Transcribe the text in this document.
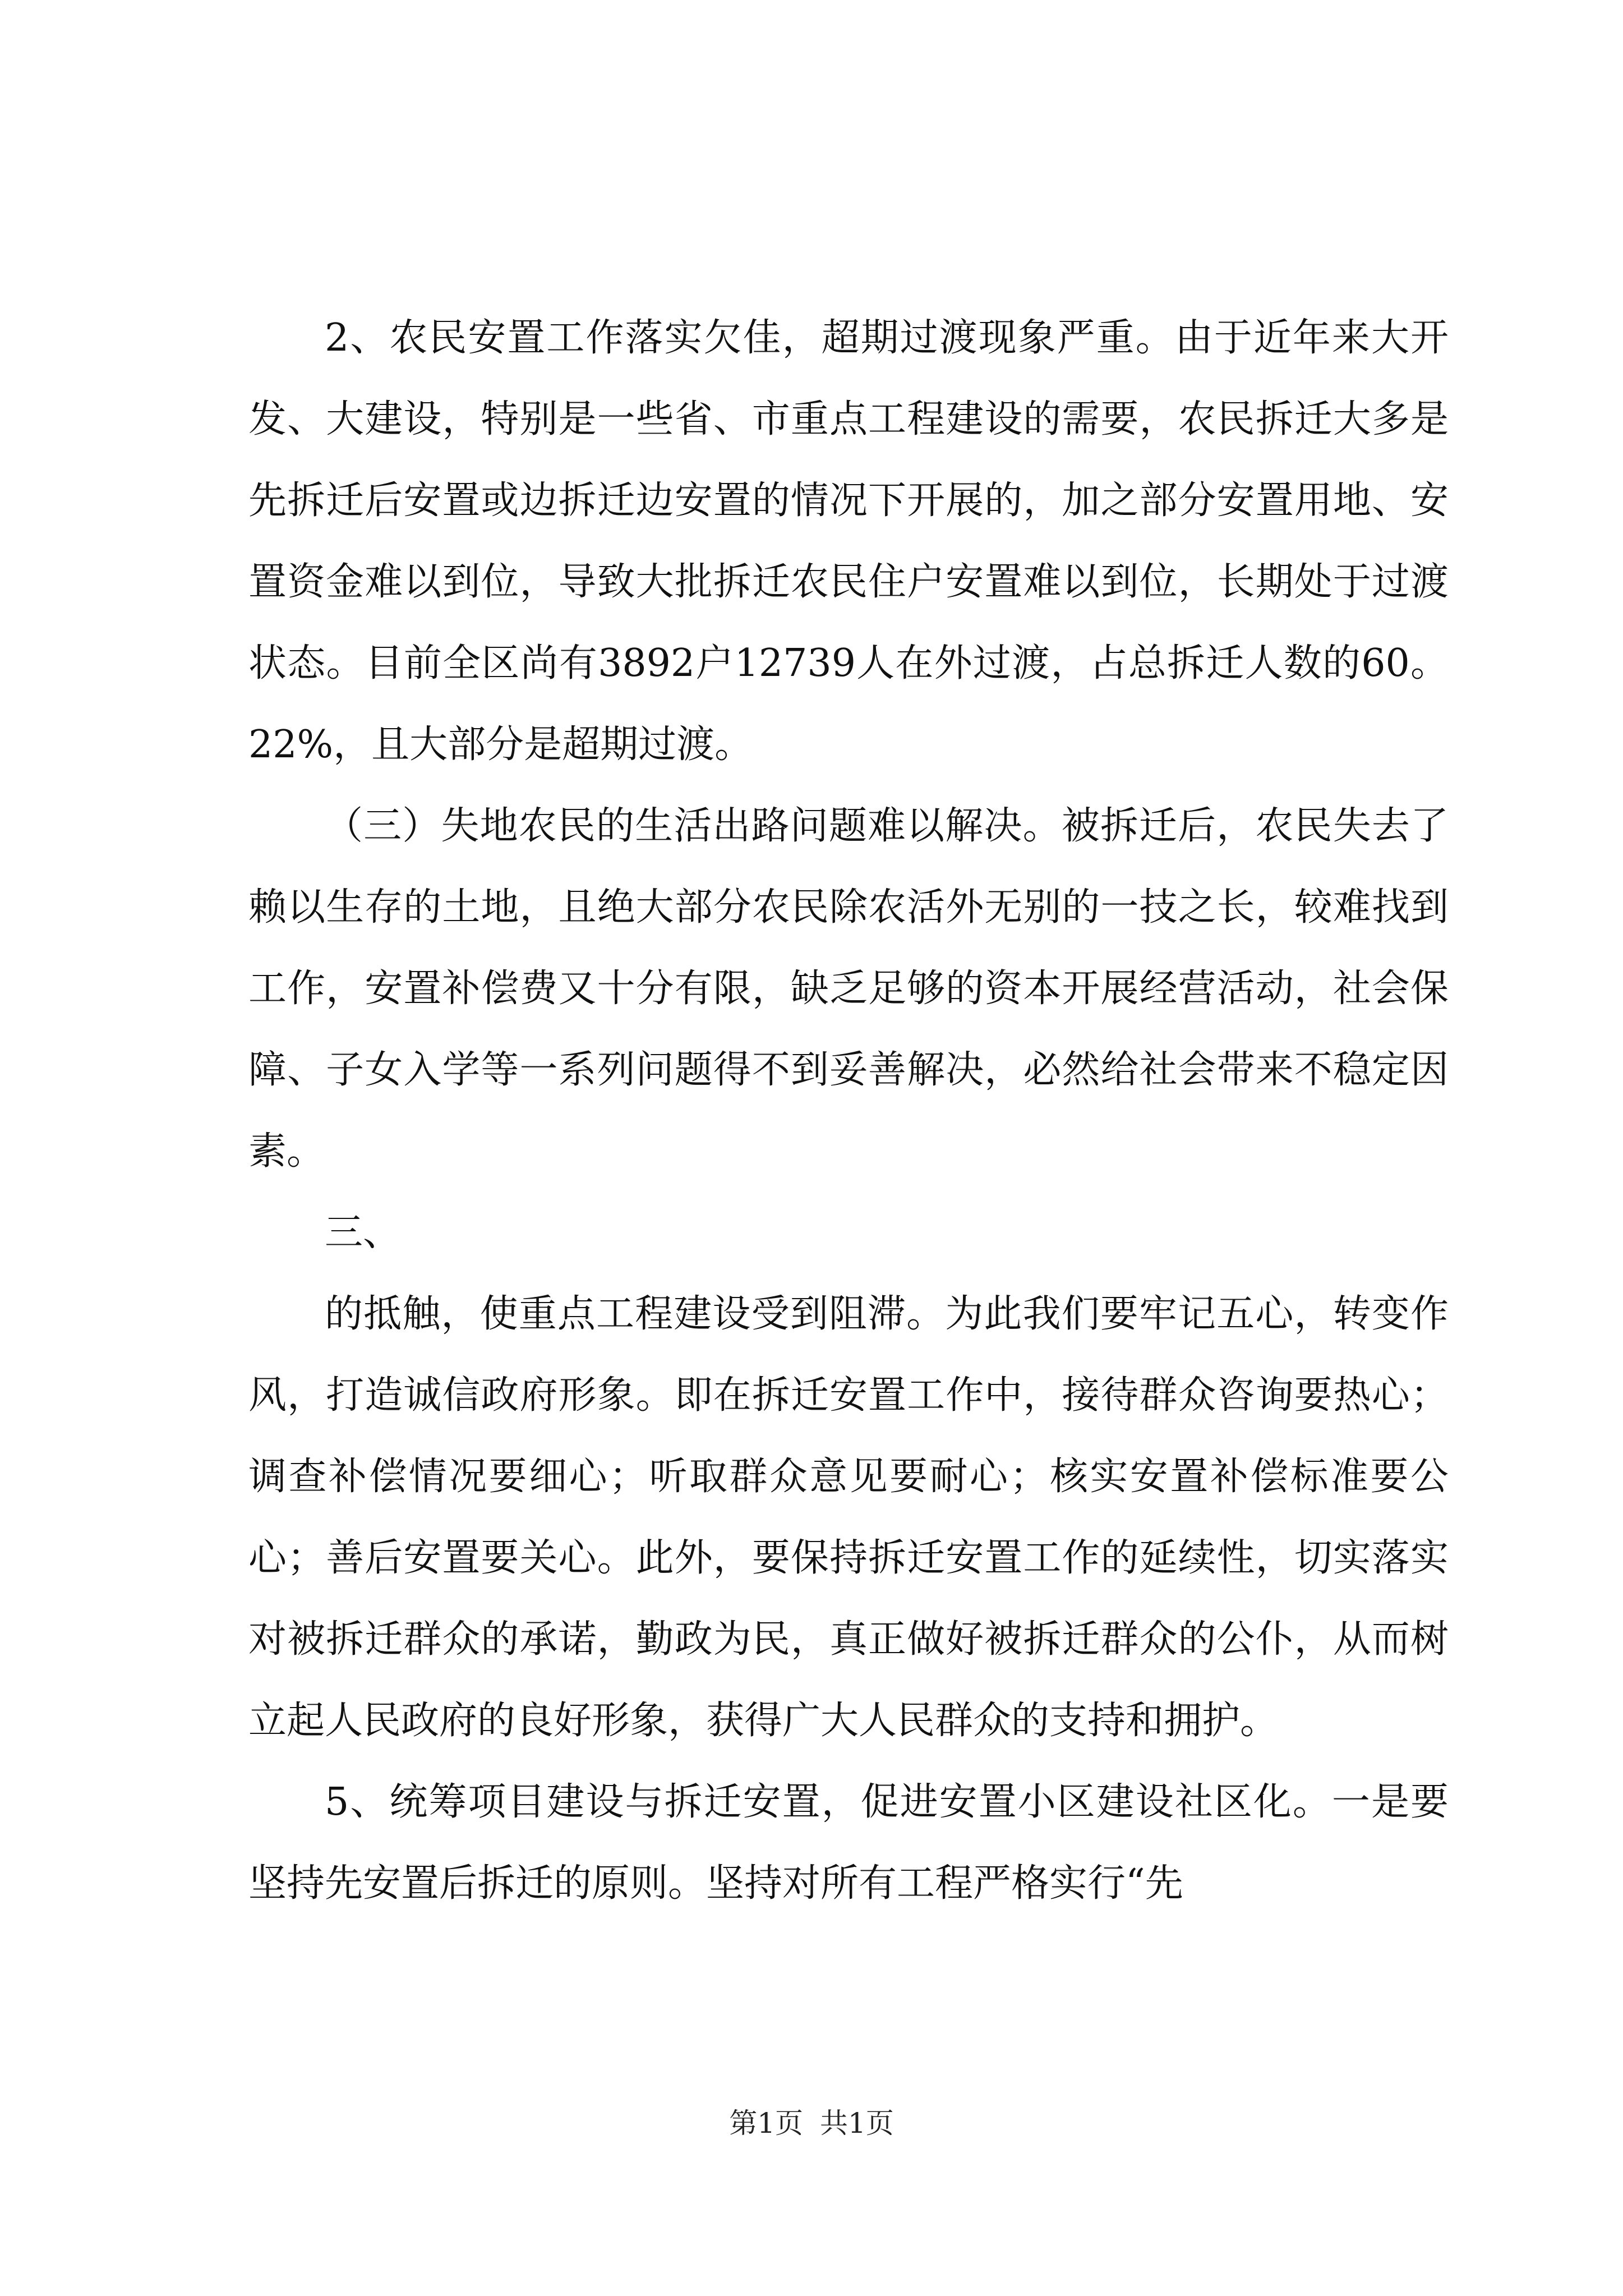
2、农民安置工作落实欠佳，超期过渡现象严重。由于近年来大开发、大建设，特别是一些省、市重点工程建设的需要，农民拆迁大多是先拆迁后安置或边拆迁边安置的情况下开展的，加之部分安置用地、安置资金难以到位，导致大批拆迁农民住户安置难以到位，长期处于过渡状态。目前全区尚有3892户12739人在外过渡，占总拆迁人数的60。22%，且大部分是超期过渡。

（三）失地农民的生活出路问题难以解决。被拆迁后，农民失去了赖以生存的土地，且绝大部分农民除农活外无别的一技之长，较难找到工作，安置补偿费又十分有限，缺乏足够的资本开展经营活动，社会保障、子女入学等一系列问题得不到妥善解决，必然给社会带来不稳定因素。

三、

的抵触，使重点工程建设受到阻滞。为此我们要牢记五心，转变作风，打造诚信政府形象。即在拆迁安置工作中，接待群众咨询要热心；调查补偿情况要细心；听取群众意见要耐心；核实安置补偿标准要公心；善后安置要关心。此外，要保持拆迁安置工作的延续性，切实落实对被拆迁群众的承诺，勤政为民，真正做好被拆迁群众的公仆，从而树立起人民政府的良好形象，获得广大人民群众的支持和拥护。

5、统筹项目建设与拆迁安置，促进安置小区建设社区化。一是要坚持先安置后拆迁的原则。坚持对所有工程严格实行“先

第1页 共1页
